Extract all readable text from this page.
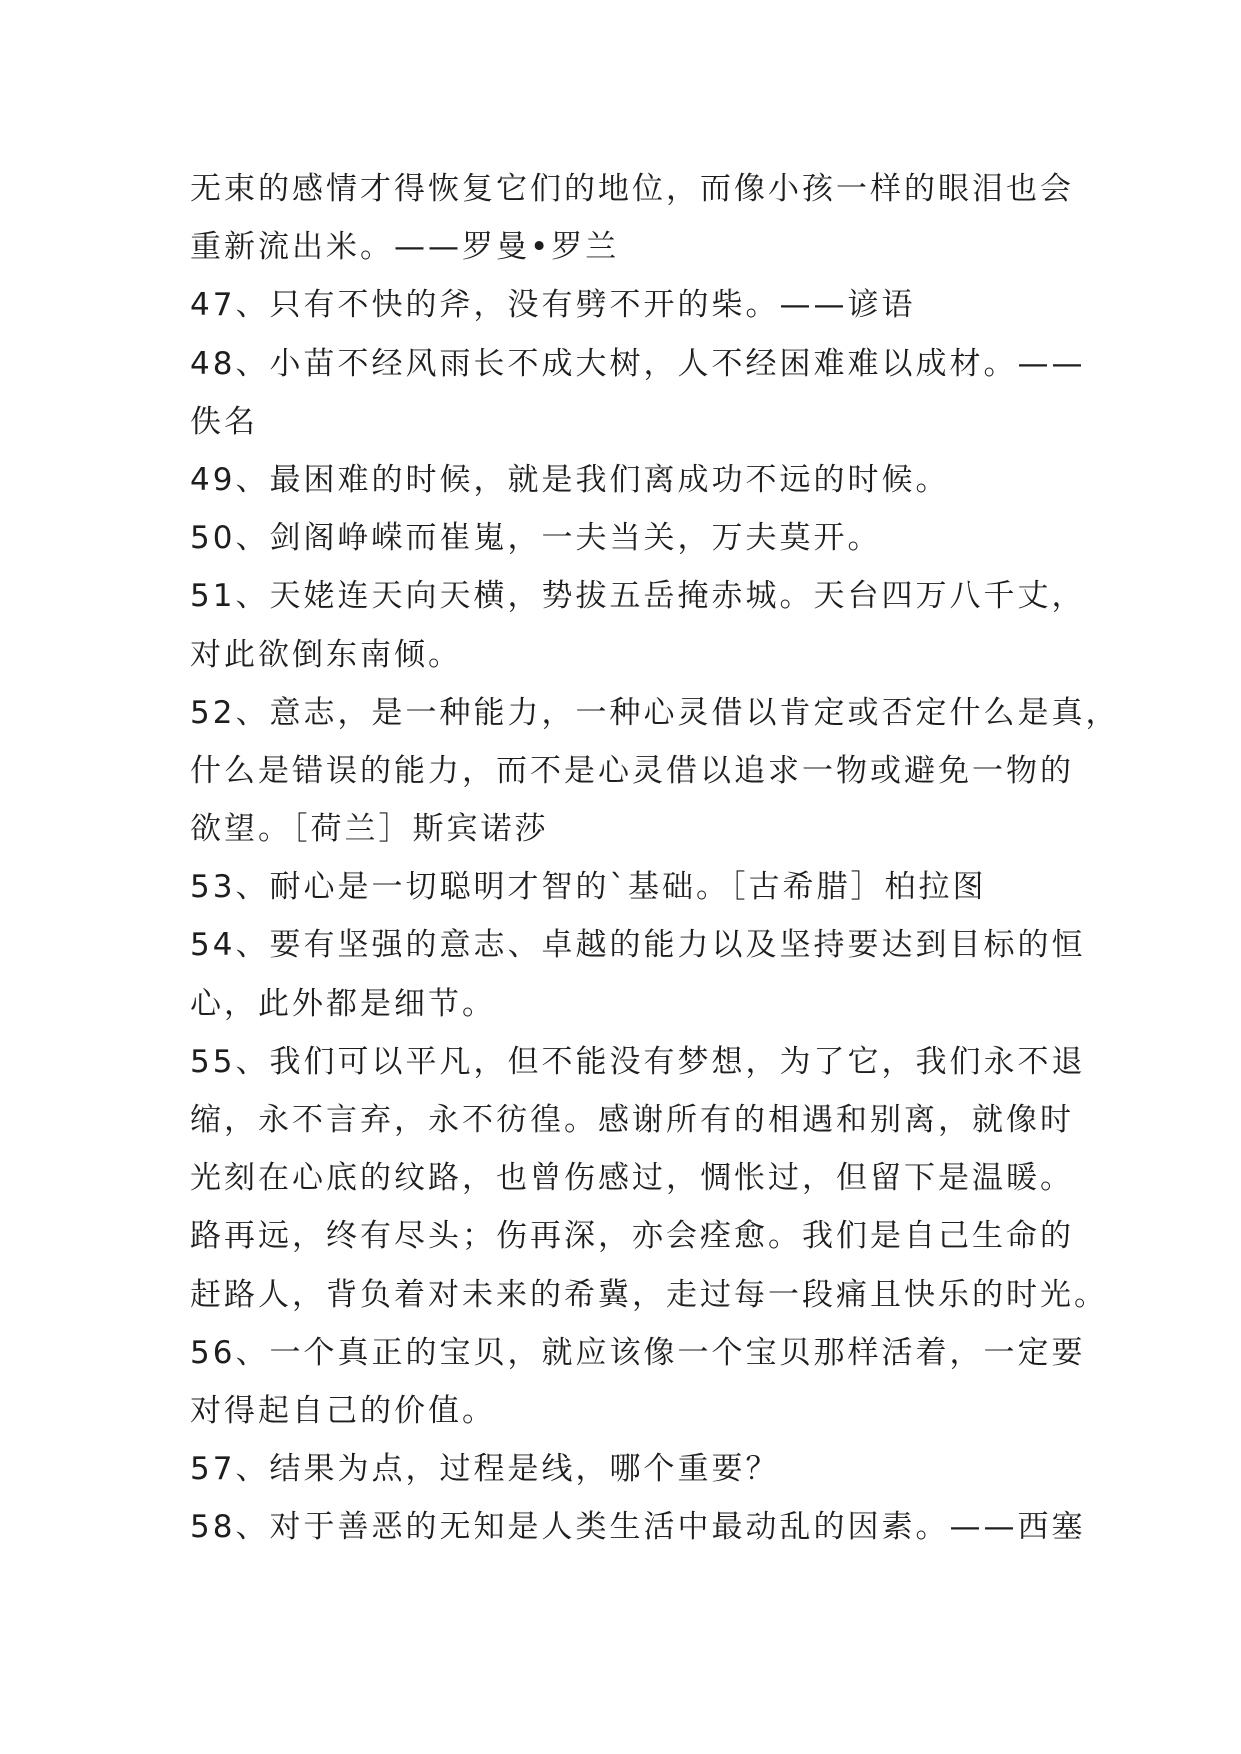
无束的感情才得恢复它们的地位，而像小孩一样的眼泪也会
重新流出米。——罗曼•罗兰
47、只有不快的斧，没有劈不开的柴。——谚语
48、小苗不经风雨长不成大树，人不经困难难以成材。——
佚名
49、最困难的时候，就是我们离成功不远的时候。
50、剑阁峥嵘而崔嵬，一夫当关，万夫莫开。
51、天姥连天向天横，势拔五岳掩赤城。天台四万八千丈，
对此欲倒东南倾。
52、意志，是一种能力，一种心灵借以肯定或否定什么是真，
什么是错误的能力，而不是心灵借以追求一物或避免一物的
欲望。［荷兰］斯宾诺莎
53、耐心是一切聪明才智的`基础。［古希腊］柏拉图
54、要有坚强的意志、卓越的能力以及坚持要达到目标的恒
心，此外都是细节。
55、我们可以平凡，但不能没有梦想，为了它，我们永不退
缩，永不言弃，永不彷徨。感谢所有的相遇和别离，就像时
光刻在心底的纹路，也曾伤感过，惆怅过，但留下是温暖。
路再远，终有尽头；伤再深，亦会痊愈。我们是自己生命的
赶路人，背负着对未来的希冀，走过每一段痛且快乐的时光。
56、一个真正的宝贝，就应该像一个宝贝那样活着，一定要
对得起自己的价值。
57、结果为点，过程是线，哪个重要？
58、对于善恶的无知是人类生活中最动乱的因素。——西塞
